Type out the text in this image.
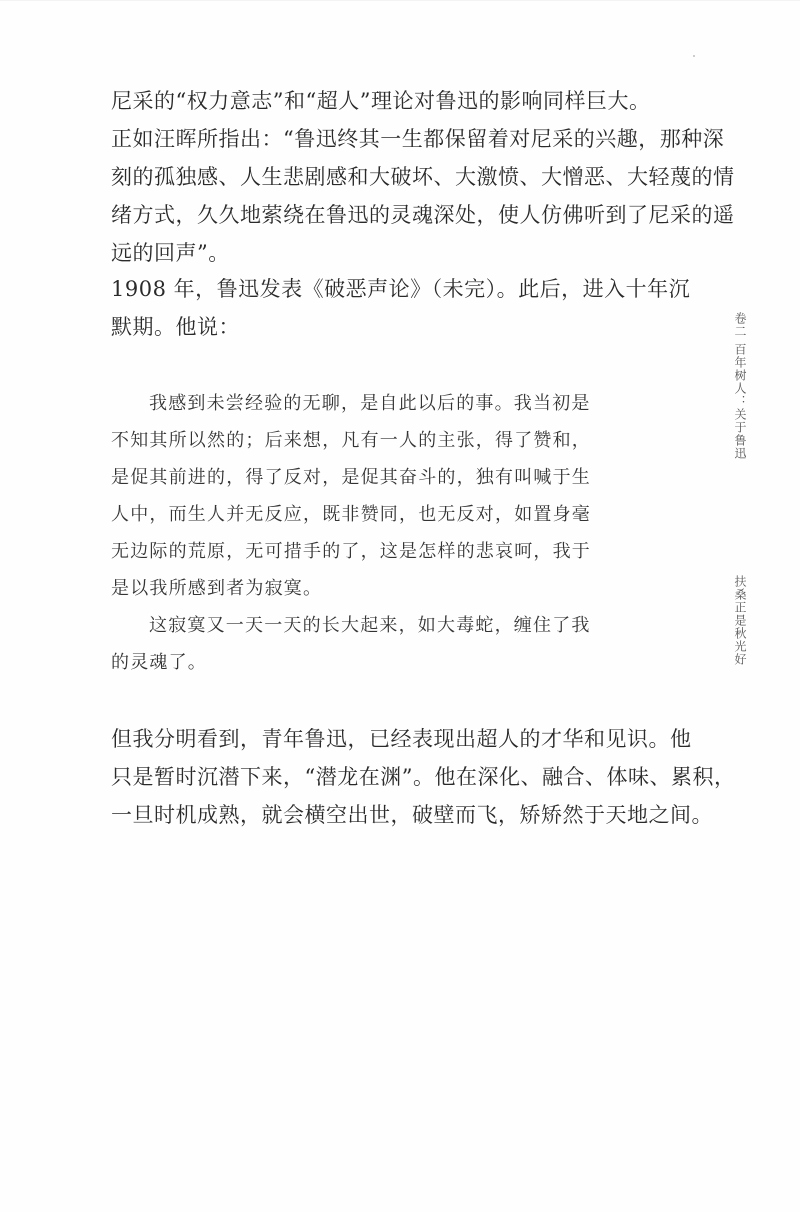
尼采的“权力意志”和“超人”理论对鲁迅的影响同样巨大。
正如汪晖所指出：“鲁迅终其一生都保留着对尼采的兴趣，那种深
刻的孤独感、人生悲剧感和大破坏、大激愤、大憎恶、大轻蔑的情
绪方式，久久地萦绕在鲁迅的灵魂深处，使人仿佛听到了尼采的遥
远的回声”。
1908 年，鲁迅发表《破恶声论》（未完）。此后，进入十年沉
默期。他说：
我感到未尝经验的无聊，是自此以后的事。我当初是
不知其所以然的；后来想，凡有一人的主张，得了赞和，
是促其前进的，得了反对，是促其奋斗的，独有叫喊于生
人中，而生人并无反应，既非赞同，也无反对，如置身毫
无边际的荒原，无可措手的了，这是怎样的悲哀呵，我于
是以我所感到者为寂寞。
这寂寞又一天一天的长大起来，如大毒蛇，缠住了我
的灵魂了。
但我分明看到，青年鲁迅，已经表现出超人的才华和见识。他
只是暂时沉潜下来，“潜龙在渊”。他在深化、融合、体味、累积，
一旦时机成熟，就会横空出世，破壁而飞，矫矫然于天地之间。
卷二 百年树人：关于鲁迅
扶桑正是秋光好
